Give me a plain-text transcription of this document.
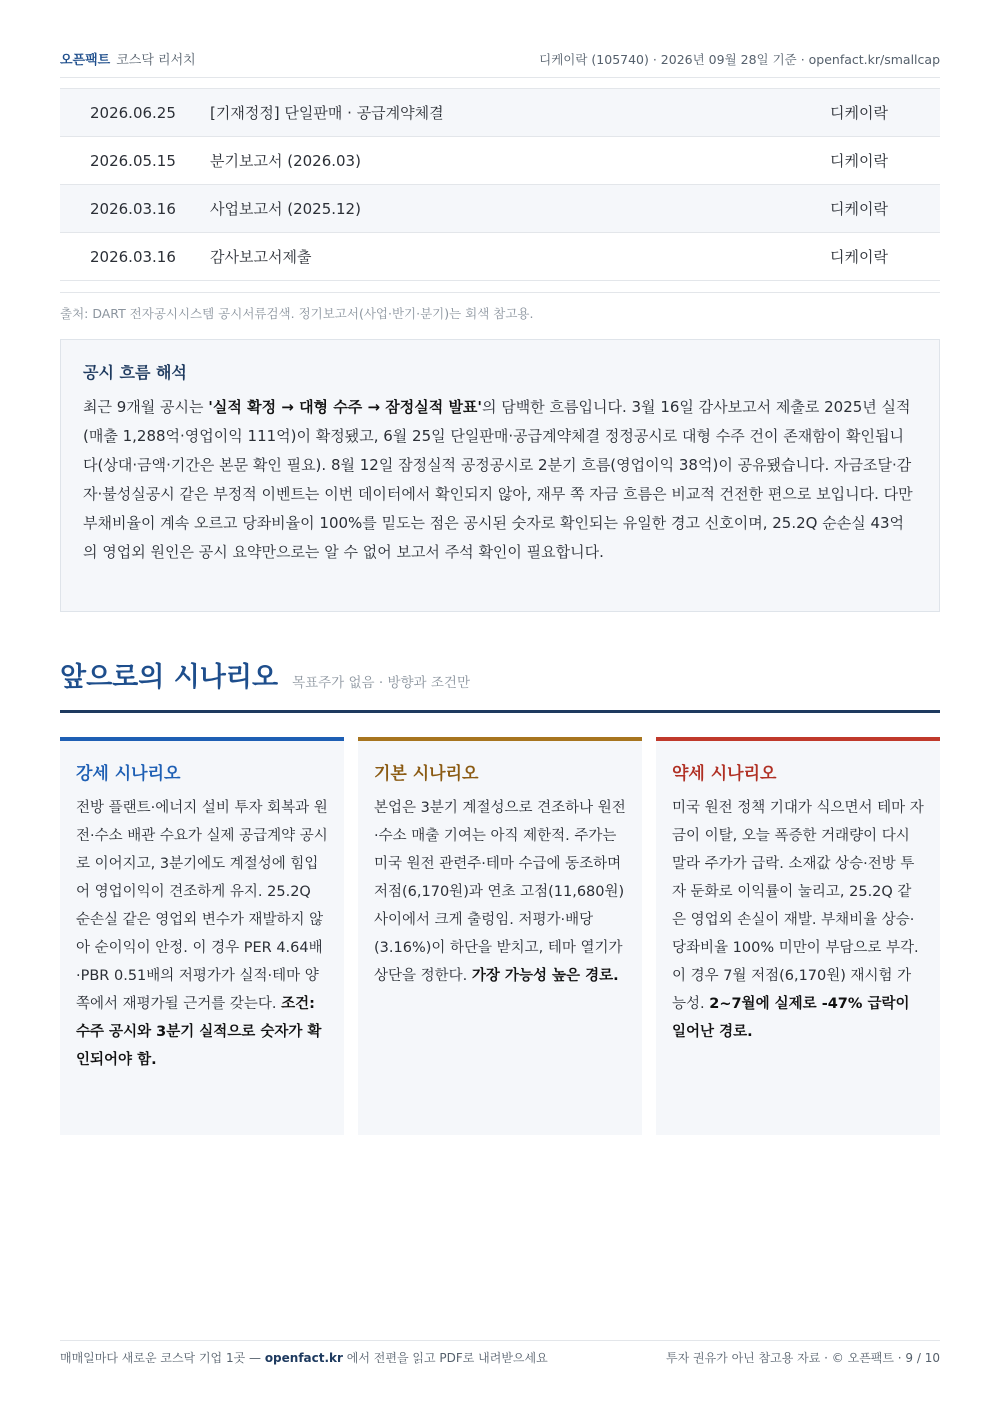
오픈팩트 코스닥 리서치	디케이락 (105740) · 2026년 09월 28일 기준 · openfact.kr/smallcap
2026.06.25	[기재정정] 단일판매 · 공급계약체결	디케이락
2026.05.15	분기보고서 (2026.03)	디케이락
2026.03.16	사업보고서 (2025.12)	디케이락
2026.03.16	감사보고서제출	디케이락

출처: DART 전자공시시스템 공시서류검색. 정기보고서(사업·반기·분기)는 회색 참고용.

공시 흐름 해석

최근 9개월 공시는 '실적 확정 → 대형 수주 → 잠정실적 발표'의 담백한 흐름입니다. 3월 16일 감사보고서 제출로 2025년 실적(매출 1,288억·영업이익 111억)이 확정됐고, 6월 25일 단일판매·공급계약체결 정정공시로 대형 수주 건이 존재함이 확인됩니다(상대·금액·기간은 본문 확인 필요). 8월 12일 잠정실적 공정공시로 2분기 흐름(영업이익 38억)이 공유됐습니다. 자금조달·감자·불성실공시 같은 부정적 이벤트는 이번 데이터에서 확인되지 않아, 재무 쪽 자금 흐름은 비교적 건전한 편으로 보입니다. 다만 부채비율이 계속 오르고 당좌비율이 100%를 밑도는 점은 공시된 숫자로 확인되는 유일한 경고 신호이며, 25.2Q 순손실 43억의 영업외 원인은 공시 요약만으로는 알 수 없어 보고서 주석 확인이 필요합니다.

앞으로의 시나리오 목표주가 없음 · 방향과 조건만
강세 시나리오

전방 플랜트·에너지 설비 투자 회복과 원전·수소 배관 수요가 실제 공급계약 공시로 이어지고, 3분기에도 계절성에 힘입어 영업이익이 견조하게 유지. 25.2Q 순손실 같은 영업외 변수가 재발하지 않아 순이익이 안정. 이 경우 PER 4.64배·PBR 0.51배의 저평가가 실적·테마 양쪽에서 재평가될 근거를 갖는다. 조건: 수주 공시와 3분기 실적으로 숫자가 확인되어야 함.

기본 시나리오

본업은 3분기 계절성으로 견조하나 원전·수소 매출 기여는 아직 제한적. 주가는 미국 원전 관련주·테마 수급에 동조하며 저점(6,170원)과 연초 고점(11,680원) 사이에서 크게 출렁임. 저평가·배당(3.16%)이 하단을 받치고, 테마 열기가 상단을 정한다. 가장 가능성 높은 경로.

약세 시나리오

미국 원전 정책 기대가 식으면서 테마 자금이 이탈, 오늘 폭증한 거래량이 다시 말라 주가가 급락. 소재값 상승·전방 투자 둔화로 이익률이 눌리고, 25.2Q 같은 영업외 손실이 재발. 부채비율 상승·당좌비율 100% 미만이 부담으로 부각. 이 경우 7월 저점(6,170원) 재시험 가능성. 2~7월에 실제로 -47% 급락이 일어난 경로.

매매일마다 새로운 코스닥 기업 1곳 — openfact.kr 에서 전편을 읽고 PDF로 내려받으세요	투자 권유가 아닌 참고용 자료 · © 오픈팩트 · 9 / 10
